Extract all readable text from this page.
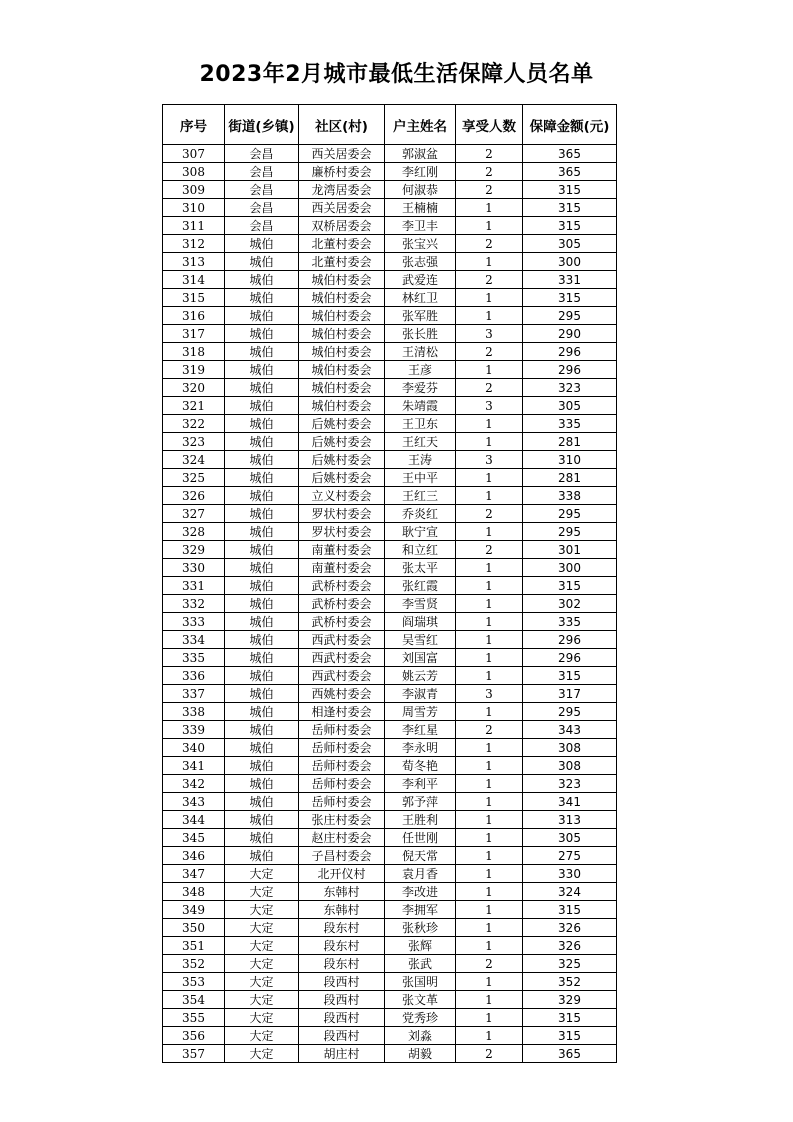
2023年2月城市最低生活保障人员名单
序号	街道(乡镇)	社区(村)	户主姓名	享受人数	保障金额(元)
307	会昌	西关居委会	郭淑盆	2	365
308	会昌	廉桥村委会	李红刚	2	365
309	会昌	龙湾居委会	何淑恭	2	315
310	会昌	西关居委会	王楠楠	1	315
311	会昌	双桥居委会	李卫丰	1	315
312	城伯	北董村委会	张宝兴	2	305
313	城伯	北董村委会	张志强	1	300
314	城伯	城伯村委会	武爱连	2	331
315	城伯	城伯村委会	林红卫	1	315
316	城伯	城伯村委会	张军胜	1	295
317	城伯	城伯村委会	张长胜	3	290
318	城伯	城伯村委会	王清松	2	296
319	城伯	城伯村委会	王彦	1	296
320	城伯	城伯村委会	李爱芬	2	323
321	城伯	城伯村委会	朱靖霞	3	305
322	城伯	后姚村委会	王卫东	1	335
323	城伯	后姚村委会	王红天	1	281
324	城伯	后姚村委会	王涛	3	310
325	城伯	后姚村委会	王中平	1	281
326	城伯	立义村委会	王红三	1	338
327	城伯	罗状村委会	乔炎红	2	295
328	城伯	罗状村委会	耿宁宣	1	295
329	城伯	南董村委会	和立红	2	301
330	城伯	南董村委会	张太平	1	300
331	城伯	武桥村委会	张红霞	1	315
332	城伯	武桥村委会	李雪贤	1	302
333	城伯	武桥村委会	阎瑞琪	1	335
334	城伯	西武村委会	吴雪红	1	296
335	城伯	西武村委会	刘国富	1	296
336	城伯	西武村委会	姚云芳	1	315
337	城伯	西姚村委会	李淑青	3	317
338	城伯	相逢村委会	周雪芳	1	295
339	城伯	岳师村委会	李红星	2	343
340	城伯	岳师村委会	李永明	1	308
341	城伯	岳师村委会	荀冬艳	1	308
342	城伯	岳师村委会	李利平	1	323
343	城伯	岳师村委会	郭予萍	1	341
344	城伯	张庄村委会	王胜利	1	313
345	城伯	赵庄村委会	任世刚	1	305
346	城伯	子昌村委会	倪天常	1	275
347	大定	北开仪村	袁月香	1	330
348	大定	东韩村	李改进	1	324
349	大定	东韩村	李拥军	1	315
350	大定	段东村	张秋珍	1	326
351	大定	段东村	张辉	1	326
352	大定	段东村	张武	2	325
353	大定	段西村	张国明	1	352
354	大定	段西村	张文革	1	329
355	大定	段西村	党秀珍	1	315
356	大定	段西村	刘淼	1	315
357	大定	胡庄村	胡毅	2	365
